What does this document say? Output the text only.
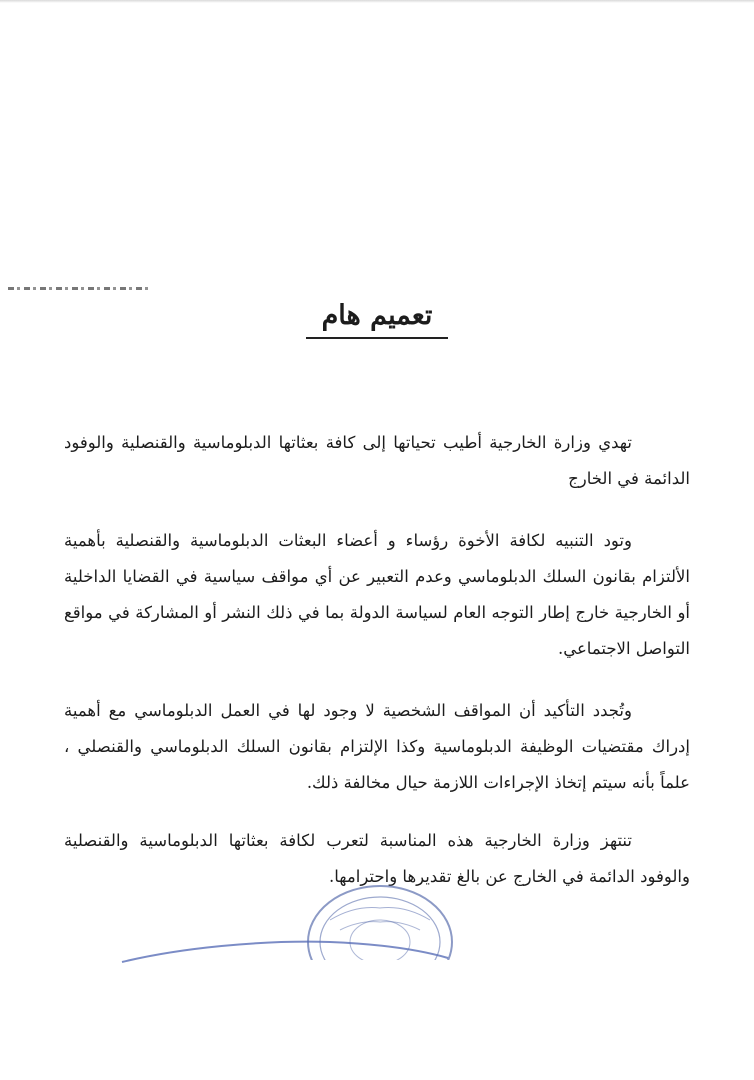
تعميم هام

تهدي وزارة الخارجية أطيب تحياتها إلى كافة بعثاتها الدبلوماسية والقنصلية والوفود الدائمة في الخارج

وتود التنبيه لكافة الأخوة رؤساء و أعضاء البعثات الدبلوماسية والقنصلية بأهمية الألتزام بقانون السلك الدبلوماسي وعدم التعبير عن أي مواقف سياسية في القضايا الداخلية أو الخارجية خارج إطار التوجه العام لسياسة الدولة بما في ذلك النشر أو المشاركة في مواقع التواصل الاجتماعي.

وتُجدد التأكيد أن المواقف الشخصية لا وجود لها في العمل الدبلوماسي مع أهمية إدراك مقتضيات الوظيفة الدبلوماسية وكذا الإلتزام بقانون السلك الدبلوماسي والقنصلي ، علماً بأنه سيتم إتخاذ الإجراءات اللازمة حيال مخالفة ذلك.

تنتهز وزارة الخارجية هذه المناسبة لتعرب لكافة بعثاتها الدبلوماسية والقنصلية والوفود الدائمة في الخارج عن بالغ تقديرها واحترامها.
